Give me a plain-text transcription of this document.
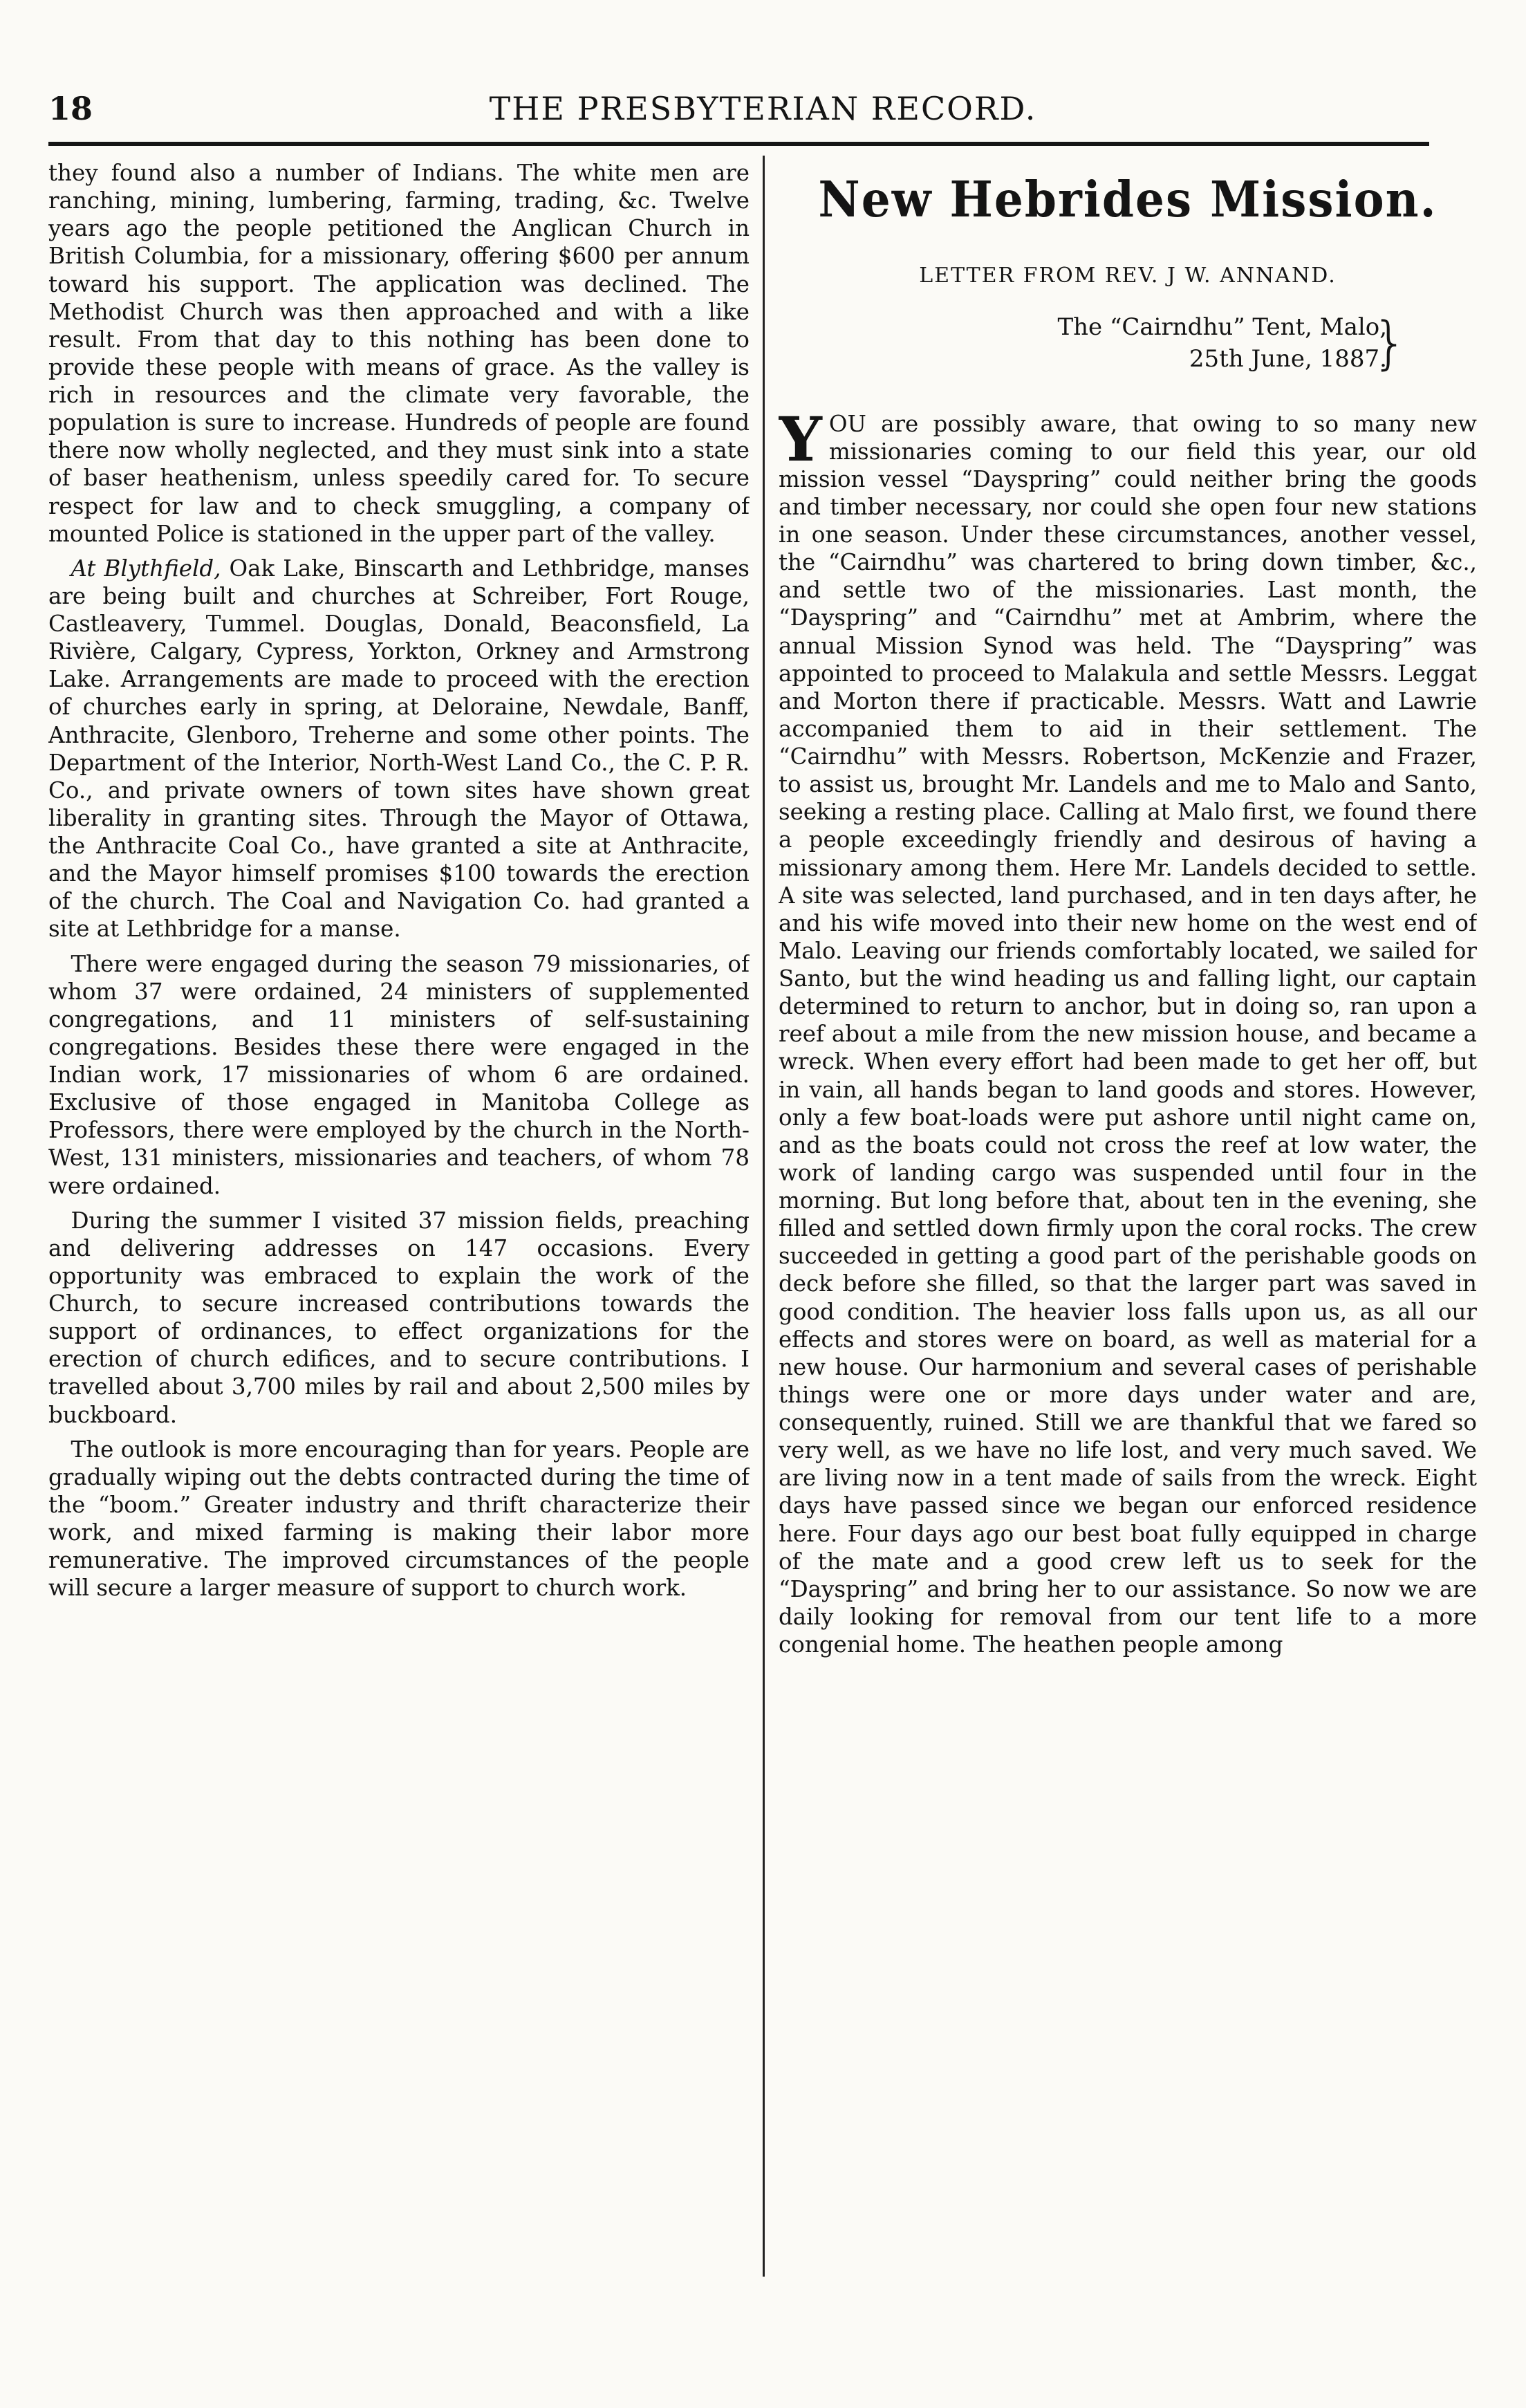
18	THE PRESBYTERIAN RECORD.

they found also a number of Indians. The white men are ranching, mining, lumbering, farming, trading, &c. Twelve years ago the people petitioned the Anglican Church in British Columbia, for a missionary, offering $600 per annum toward his support. The application was declined. The Methodist Church was then approached and with a like result. From that day to this nothing has been done to provide these people with means of grace. As the valley is rich in resources and the climate very favorable, the population is sure to increase. Hundreds of people are found there now wholly neglected, and they must sink into a state of baser heathenism, unless speedily cared for. To secure respect for law and to check smuggling, a company of mounted Police is stationed in the upper part of the valley.

At Blythfield, Oak Lake, Binscarth and Lethbridge, manses are being built and churches at Schreiber, Fort Rouge, Castleavery, Tummel. Douglas, Donald, Beaconsfield, La Rivière, Calgary, Cypress, Yorkton, Orkney and Armstrong Lake. Arrangements are made to proceed with the erection of churches early in spring, at Deloraine, Newdale, Banff, Anthracite, Glenboro, Treherne and some other points. The Department of the Interior, North-West Land Co., the C. P. R. Co., and private owners of town sites have shown great liberality in granting sites. Through the Mayor of Ottawa, the Anthracite Coal Co., have granted a site at Anthracite, and the Mayor himself promises $100 towards the erection of the church. The Coal and Navigation Co. had granted a site at Lethbridge for a manse.

There were engaged during the season 79 missionaries, of whom 37 were ordained, 24 ministers of supplemented congregations, and 11 ministers of self-sustaining congregations. Besides these there were engaged in the Indian work, 17 missionaries of whom 6 are ordained. Exclusive of those engaged in Manitoba College as Professors, there were employed by the church in the North-West, 131 ministers, missionaries and teachers, of whom 78 were ordained.

During the summer I visited 37 mission fields, preaching and delivering addresses on 147 occasions. Every opportunity was embraced to explain the work of the Church, to secure increased contributions towards the support of ordinances, to effect organizations for the erection of church edifices, and to secure contributions. I travelled about 3,700 miles by rail and about 2,500 miles by buckboard.

The outlook is more encouraging than for years. People are gradually wiping out the debts contracted during the time of the “boom.” Greater industry and thrift characterize their work, and mixed farming is making their labor more remunerative. The improved circumstances of the people will secure a larger measure of support to church work.

New Hebrides Mission.
LETTER FROM REV. J W. ANNAND.
The “Cairndhu” Tent, Malo,
25th June, 1887.
}

YOU are possibly aware, that owing to so many new missionaries coming to our field this year, our old mission vessel “Dayspring” could neither bring the goods and timber necessary, nor could she open four new stations in one season. Under these circumstances, another vessel, the “Cairndhu” was chartered to bring down timber, &c., and settle two of the missionaries. Last month, the “Dayspring” and “Cairndhu” met at Ambrim, where the annual Mission Synod was held. The “Dayspring” was appointed to proceed to Malakula and settle Messrs. Leggat and Morton there if practicable. Messrs. Watt and Lawrie accompanied them to aid in their settlement. The “Cairndhu” with Messrs. Robertson, McKenzie and Frazer, to assist us, brought Mr. Landels and me to Malo and Santo, seeking a resting place. Calling at Malo first, we found there a people exceedingly friendly and desirous of having a missionary among them. Here Mr. Landels decided to settle. A site was selected, land purchased, and in ten days after, he and his wife moved into their new home on the west end of Malo. Leaving our friends comfortably located, we sailed for Santo, but the wind heading us and falling light, our captain determined to return to anchor, but in doing so, ran upon a reef about a mile from the new mission house, and became a wreck. When every effort had been made to get her off, but in vain, all hands began to land goods and stores. However, only a few boat-loads were put ashore until night came on, and as the boats could not cross the reef at low water, the work of landing cargo was suspended until four in the morning. But long before that, about ten in the evening, she filled and settled down firmly upon the coral rocks. The crew succeeded in getting a good part of the perishable goods on deck before she filled, so that the larger part was saved in good condition. The heavier loss falls upon us, as all our effects and stores were on board, as well as material for a new house. Our harmonium and several cases of perishable things were one or more days under water and are, consequently, ruined. Still we are thankful that we fared so very well, as we have no life lost, and very much saved. We are living now in a tent made of sails from the wreck. Eight days have passed since we began our enforced residence here. Four days ago our best boat fully equipped in charge of the mate and a good crew left us to seek for the “Dayspring” and bring her to our assistance. So now we are daily looking for removal from our tent life to a more congenial home. The heathen people among
